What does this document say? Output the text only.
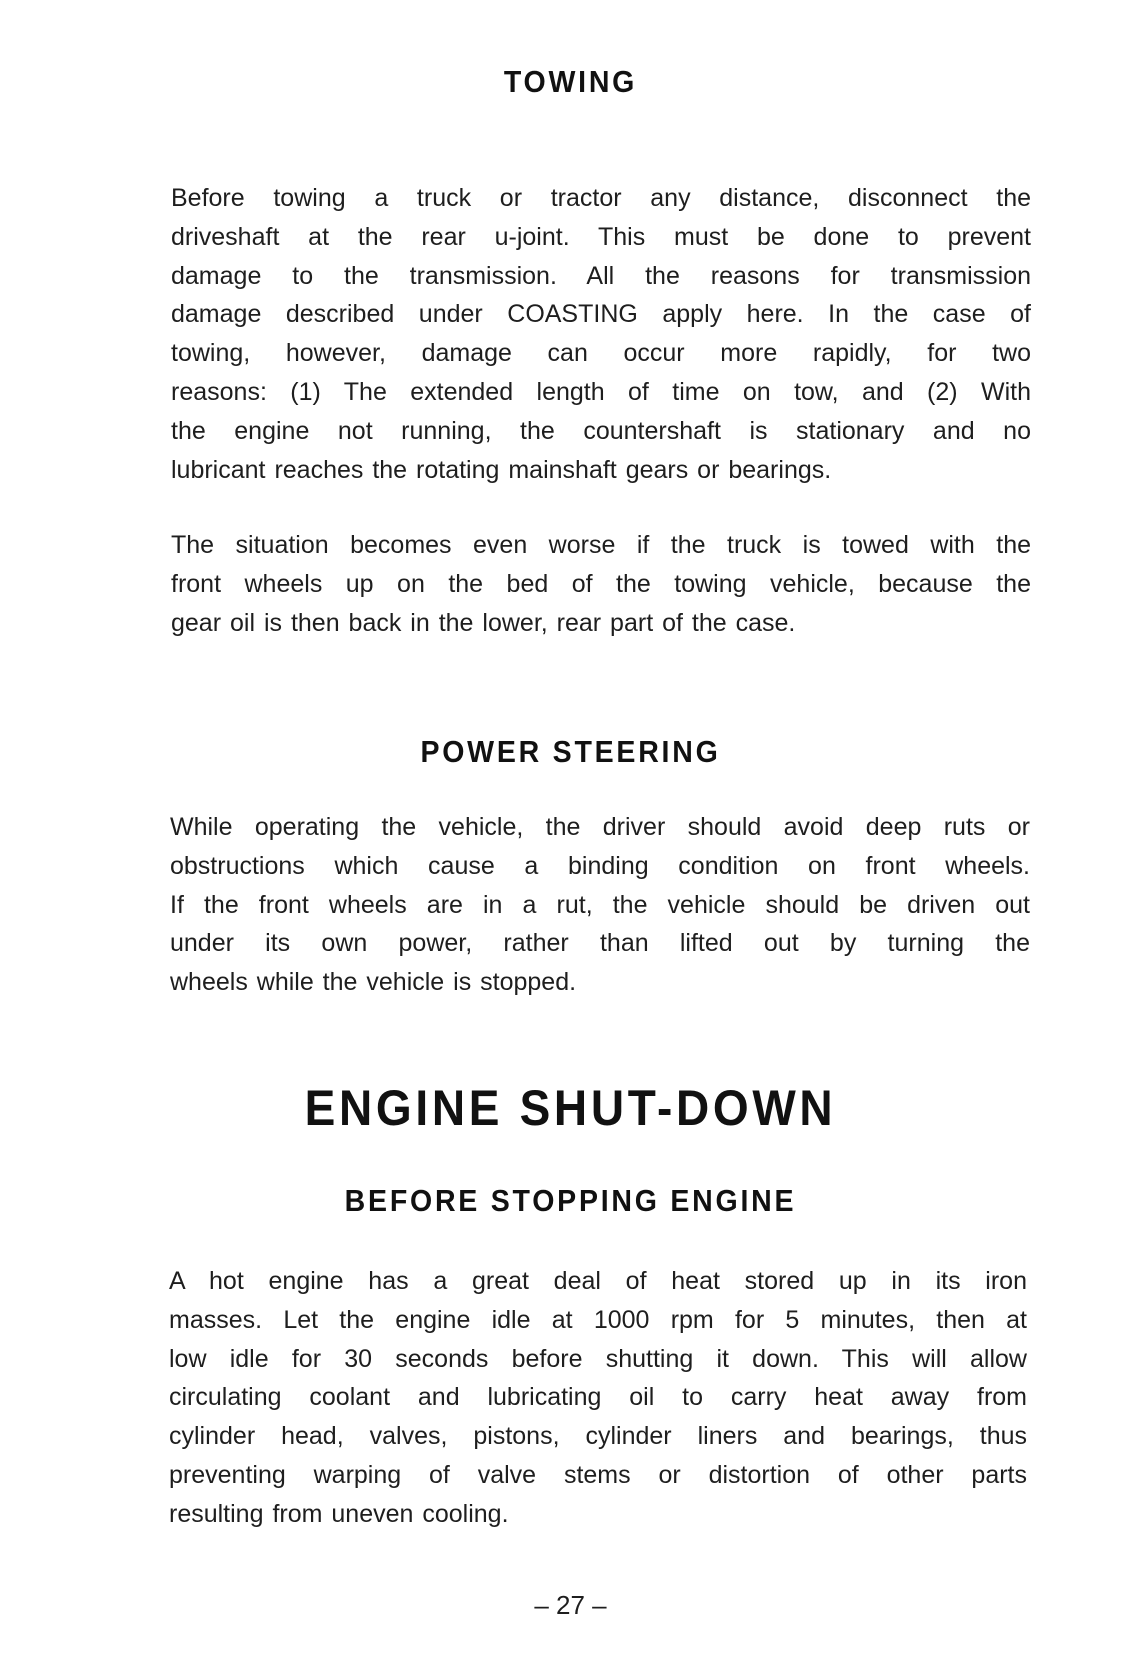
TOWING
Before towing a truck or tractor any distance, disconnect the
driveshaft at the rear u-joint. This must be done to prevent
damage to the transmission. All the reasons for transmission
damage described under COASTING apply here. In the case of
towing, however, damage can occur more rapidly, for two
reasons: (1) The extended length of time on tow, and (2) With
the engine not running, the countershaft is stationary and no
lubricant reaches the rotating mainshaft gears or bearings.
The situation becomes even worse if the truck is towed with the
front wheels up on the bed of the towing vehicle, because the
gear oil is then back in the lower, rear part of the case.
POWER STEERING
While operating the vehicle, the driver should avoid deep ruts or
obstructions which cause a binding condition on front wheels.
If the front wheels are in a rut, the vehicle should be driven out
under its own power, rather than lifted out by turning the
wheels while the vehicle is stopped.
ENGINE SHUT-DOWN
BEFORE STOPPING ENGINE
A hot engine has a great deal of heat stored up in its iron
masses. Let the engine idle at 1000 rpm for 5 minutes, then at
low idle for 30 seconds before shutting it down. This will allow
circulating coolant and lubricating oil to carry heat away from
cylinder head, valves, pistons, cylinder liners and bearings, thus
preventing warping of valve stems or distortion of other parts
resulting from uneven cooling.
– 27 –
